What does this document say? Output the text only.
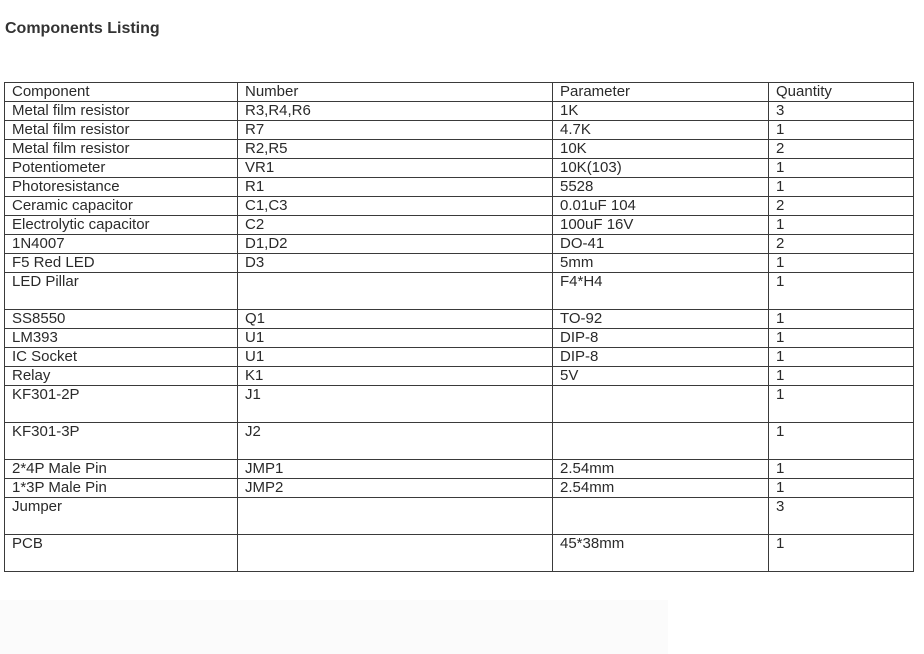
Components Listing
Component	Number	Parameter	Quantity
Metal film resistor	R3,R4,R6	1K	3
Metal film resistor	R7	4.7K	1
Metal film resistor	R2,R5	10K	2
Potentiometer	VR1	10K(103)	1
Photoresistance	R1	5528	1
Ceramic capacitor	C1,C3	0.01uF 104	2
Electrolytic capacitor	C2	100uF 16V	1
1N4007	D1,D2	DO-41	2
F5 Red LED	D3	5mm	1
LED Pillar		F4*H4	1
SS8550	Q1	TO-92	1
LM393	U1	DIP-8	1
IC Socket	U1	DIP-8	1
Relay	K1	5V	1
KF301-2P	J1		1
KF301-3P	J2		1
2*4P Male Pin	JMP1	2.54mm	1
1*3P Male Pin	JMP2	2.54mm	1
Jumper			3
PCB		45*38mm	1
